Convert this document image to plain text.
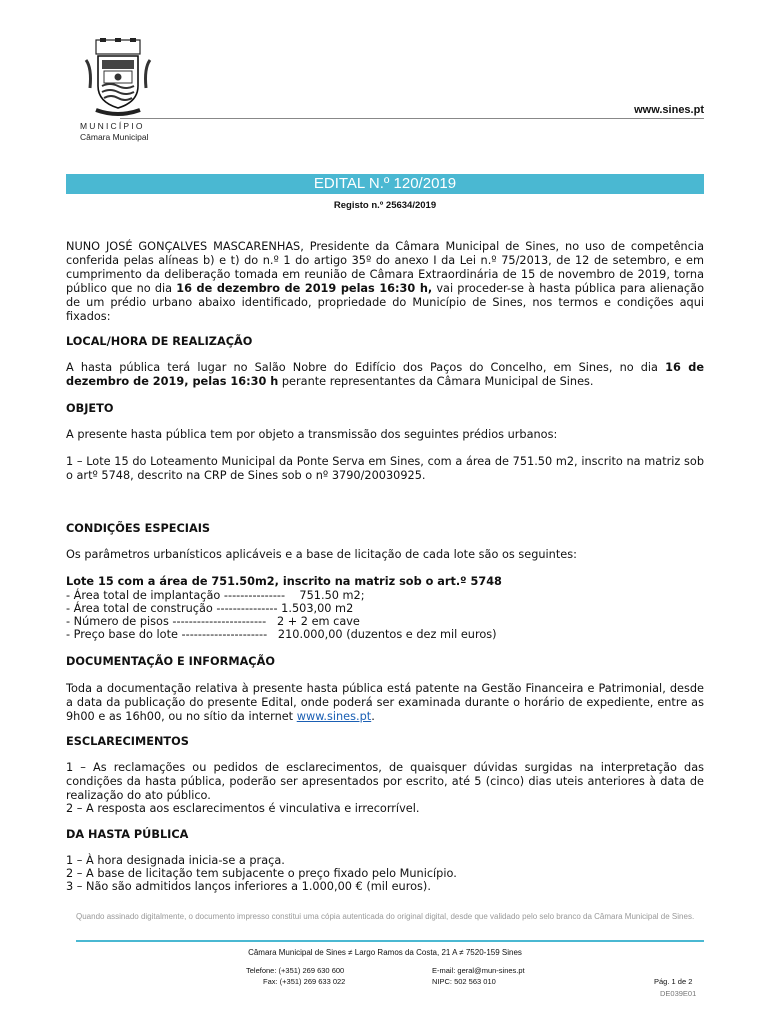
MUNICÍPIO
Câmara Municipal
www.sines.pt
EDITAL N.º 120/2019
Registo n.º 25634/2019
NUNO JOSÉ GONÇALVES MASCARENHAS, Presidente da Câmara Municipal de Sines, no uso de competência conferida pelas alíneas b) e t) do n.º 1 do artigo 35º do anexo I da Lei n.º 75/2013, de 12 de setembro, e em cumprimento da deliberação tomada em reunião de Câmara Extraordinária de 15 de novembro de 2019, torna público que no dia 16 de dezembro de 2019 pelas 16:30 h, vai proceder-se à hasta pública para alienação de um prédio urbano abaixo identificado, propriedade do Município de Sines, nos termos e condições aqui fixados:
LOCAL/HORA DE REALIZAÇÃO
A hasta pública terá lugar no Salão Nobre do Edifício dos Paços do Concelho, em Sines, no dia 16 de dezembro de 2019, pelas 16:30 h perante representantes da Câmara Municipal de Sines.
OBJETO
A presente hasta pública tem por objeto a transmissão dos seguintes prédios urbanos:
1 – Lote 15 do Loteamento Municipal da Ponte Serva em Sines, com a área de 751.50 m2, inscrito na matriz sob o artº 5748, descrito na CRP de Sines sob o nº 3790/20030925.
CONDIÇÕES ESPECIAIS
Os parâmetros urbanísticos aplicáveis e a base de licitação de cada lote são os seguintes:
Lote 15 com a área de 751.50m2, inscrito na matriz sob o art.º 5748
- Área total de implantação ---------------    751.50 m2;
- Área total de construção --------------- 1.503,00 m2
- Número de pisos -----------------------   2 + 2 em cave
- Preço base do lote ---------------------   210.000,00 (duzentos e dez mil euros)
DOCUMENTAÇÃO E INFORMAÇÃO
Toda a documentação relativa à presente hasta pública está patente na Gestão Financeira e Patrimonial, desde a data da publicação do presente Edital, onde poderá ser examinada durante o horário de expediente, entre as 9h00 e as 16h00, ou no sítio da internet www.sines.pt.
ESCLARECIMENTOS
1 – As reclamações ou pedidos de esclarecimentos, de quaisquer dúvidas surgidas na interpretação das condições da hasta pública, poderão ser apresentados por escrito, até 5 (cinco) dias uteis anteriores à data de realização do ato público.
2 – A resposta aos esclarecimentos é vinculativa e irrecorrível.
DA HASTA PÚBLICA
1 – À hora designada inicia-se a praça.
2 – A base de licitação tem subjacente o preço fixado pelo Município.
3 – Não são admitidos lanços inferiores a 1.000,00 € (mil euros).
Quando assinado digitalmente, o documento impresso constitui uma cópia autenticada do original digital, desde que validado pelo selo branco da Câmara Municipal de Sines.
Câmara Municipal de Sines ≠ Largo Ramos da Costa, 21 A ≠ 7520-159 Sines
Telefone: (+351) 269 630 600
Fax: (+351) 269 633 022
E-mail: geral@mun-sines.pt
NIPC: 502 563 010	Pág. 1 de 2
DE039E01
